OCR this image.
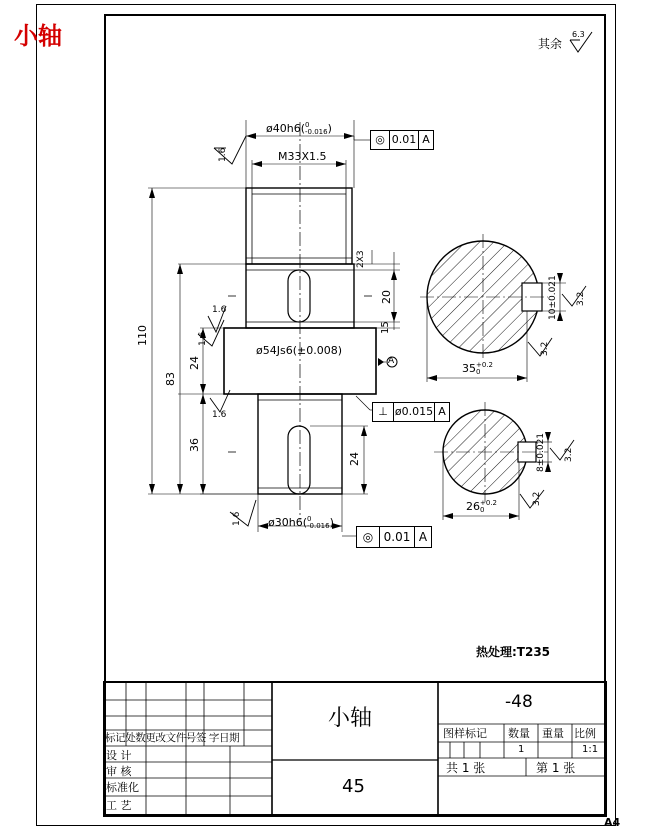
小轴
A4
其余
6.3
热处理:T235
ø40h6( 0
-0.016 )
M33X1.5
2X3
ø54Js6(±0.008)
ø30h6( 0
-0.016 )
110
83
24
36
20
15
24
35 +0.2
0
10±0.021
26 +0.2
0
8±0.021
1.6
1.6
1.6
1.6
1.6
3.2
3.2
3.2
3.2
◎ 0.01 A
⊥ ø0.015 A
◎ 0.01 A
A
标记处数更改文件号签 字日期
设 计
审 核
标准化
工 艺
小轴
45
-48
图样标记 数量 重量 比例
1	1:1
共 1 张	第 1 张
